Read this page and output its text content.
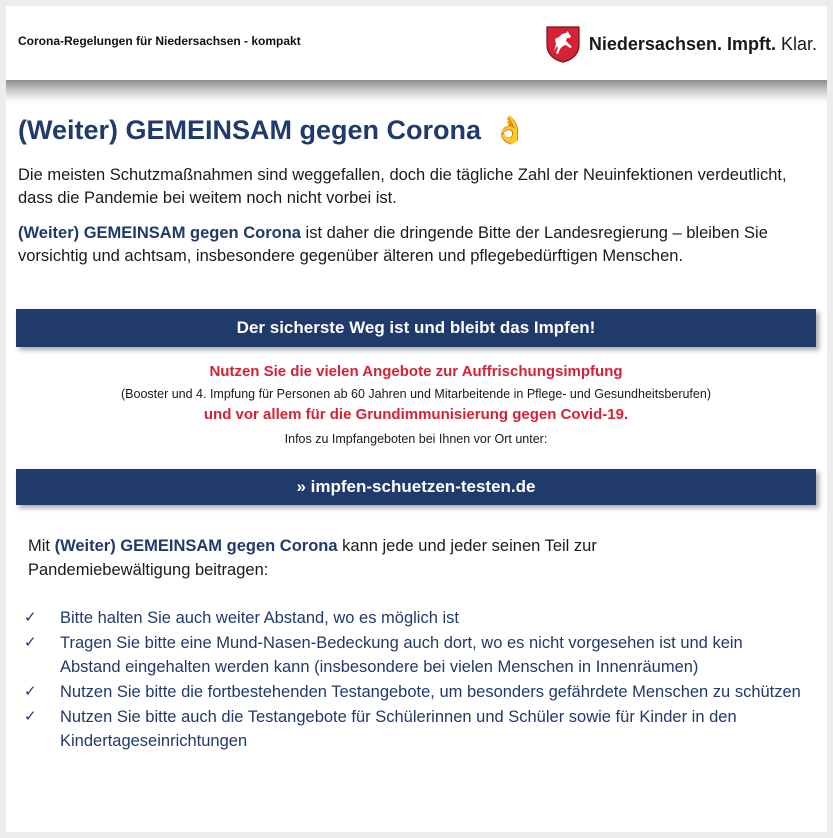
Corona-Regelungen für Niedersachsen - kompakt	Niedersachsen. Impft. Klar.
(Weiter) GEMEINSAM gegen Corona 👌
Die meisten Schutzmaßnahmen sind weggefallen, doch die tägliche Zahl der Neuinfektionen verdeutlicht, dass die Pandemie bei weitem noch nicht vorbei ist.
(Weiter) GEMEINSAM gegen Corona ist daher die dringende Bitte der Landesregierung – bleiben Sie vorsichtig und achtsam, insbesondere gegenüber älteren und pflegebedürftigen Menschen.
Der sicherste Weg ist und bleibt das Impfen!
Nutzen Sie die vielen Angebote zur Auffrischungsimpfung
(Booster und 4. Impfung für Personen ab 60 Jahren und Mitarbeitende in Pflege- und Gesundheitsberufen)
und vor allem für die Grundimmunisierung gegen Covid-19.
Infos zu Impfangeboten bei Ihnen vor Ort unter:
» impfen-schuetzen-testen.de
Mit (Weiter) GEMEINSAM gegen Corona kann jede und jeder seinen Teil zur Pandemiebewältigung beitragen:
✓	Bitte halten Sie auch weiter Abstand, wo es möglich ist
✓	Tragen Sie bitte eine Mund-Nasen-Bedeckung auch dort, wo es nicht vorgesehen ist und kein Abstand eingehalten werden kann (insbesondere bei vielen Menschen in Innenräumen)
✓	Nutzen Sie bitte die fortbestehenden Testangebote, um besonders gefährdete Menschen zu schützen
✓	Nutzen Sie bitte auch die Testangebote für Schülerinnen und Schüler sowie für Kinder in den Kindertageseinrichtungen
